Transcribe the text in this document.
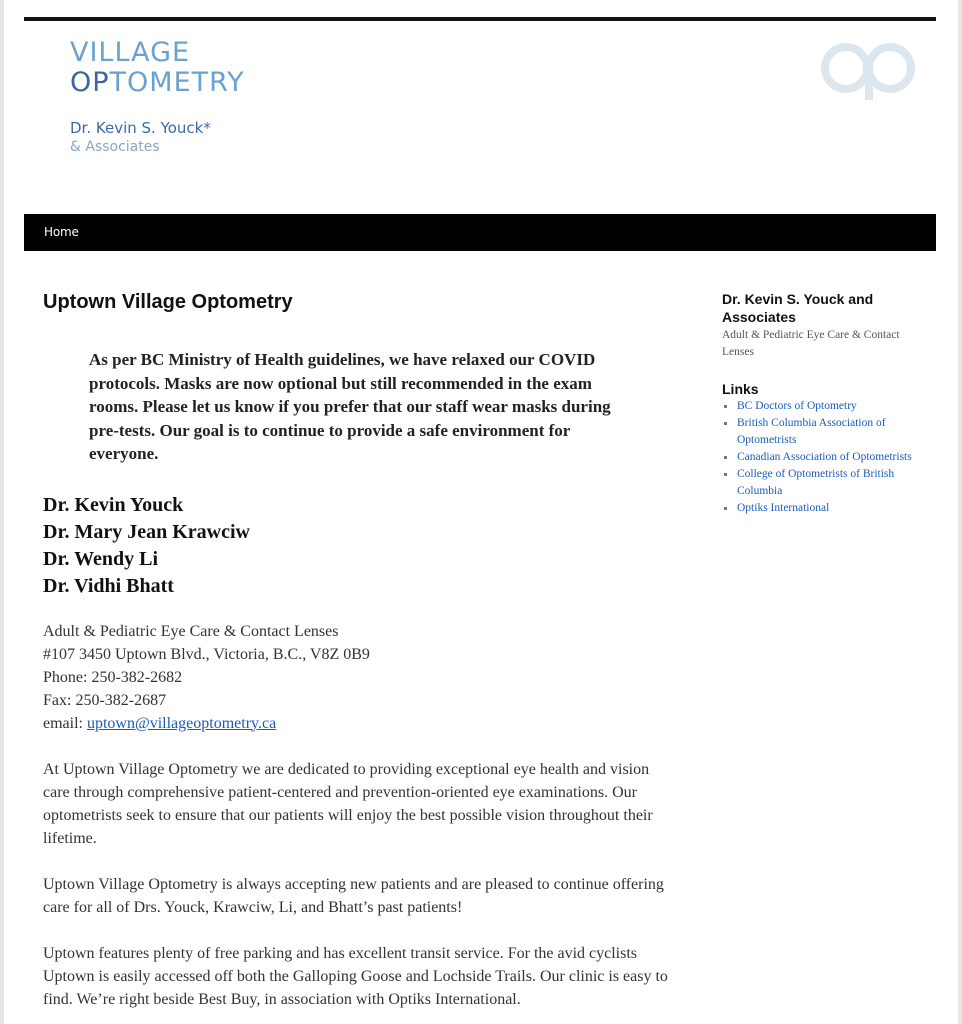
VILLAGE
OPTOMETRY
Dr. Kevin S. Youck*
& Associates
Home
Uptown Village Optometry
As per BC Ministry of Health guidelines, we have relaxed our COVID protocols. Masks are now optional but still recommended in the exam rooms. Please let us know if you prefer that our staff wear masks during pre-tests. Our goal is to continue to provide a safe environment for everyone.
Dr. Kevin Youck
Dr. Mary Jean Krawciw
Dr. Wendy Li
Dr. Vidhi Bhatt
Adult & Pediatric Eye Care & Contact Lenses
#107 3450 Uptown Blvd., Victoria, B.C., V8Z 0B9
Phone: 250-382-2682
Fax: 250-382-2687
email: uptown@villageoptometry.ca
At Uptown Village Optometry we are dedicated to providing exceptional eye health and vision care through comprehensive patient-centered and prevention-oriented eye examinations. Our optometrists seek to ensure that our patients will enjoy the best possible vision throughout their lifetime.
Uptown Village Optometry is always accepting new patients and are pleased to continue offering care for all of Drs. Youck, Krawciw, Li, and Bhatt’s past patients!
Uptown features plenty of free parking and has excellent transit service. For the avid cyclists Uptown is easily accessed off both the Galloping Goose and Lochside Trails. Our clinic is easy to find. We’re right beside Best Buy, in association with Optiks International.
Dr. Kevin S. Youck and Associates
Adult & Pediatric Eye Care & Contact Lenses
Links
BC Doctors of Optometry
British Columbia Association of Optometrists
Canadian Association of Optometrists
College of Optometrists of British Columbia
Optiks International
